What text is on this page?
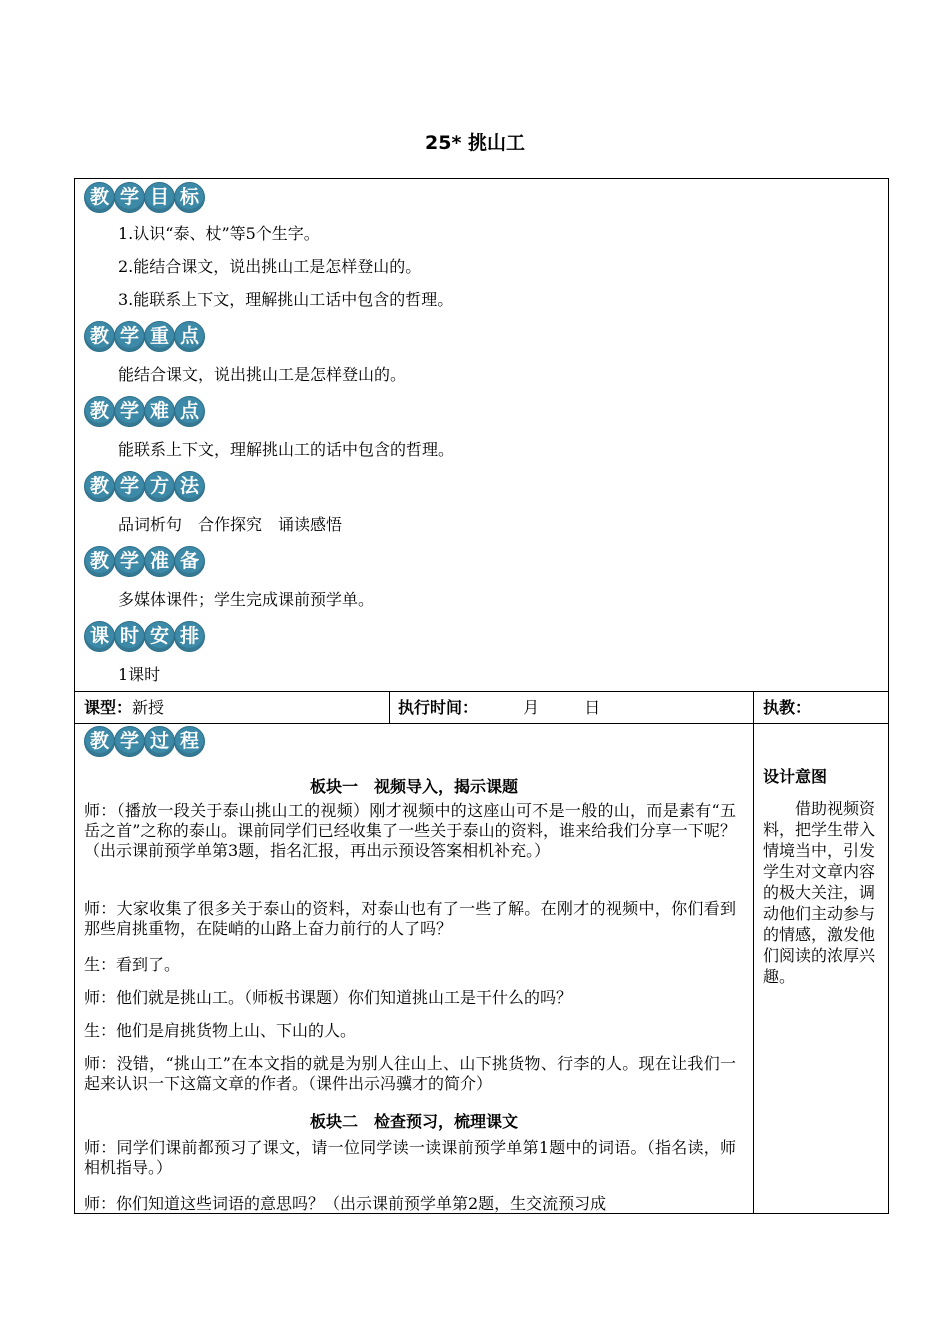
25* 挑山工
教 学 目 标
1.认识“泰、杖”等5个生字。
2.能结合课文，说出挑山工是怎样登山的。
3.能联系上下文，理解挑山工话中包含的哲理。
教 学 重 点
能结合课文，说出挑山工是怎样登山的。
教 学 难 点
能联系上下文，理解挑山工的话中包含的哲理。
教 学 方 法
品词析句　合作探究　诵读感悟
教 学 准 备
多媒体课件；学生完成课前预学单。
课 时 安 排
1课时
课型：新授	执行时间：	月	日	执教：
教 学 过 程
板块一　视频导入，揭示课题
师：（播放一段关于泰山挑山工的视频）刚才视频中的这座山可不是一般的山，而是素有“五岳之首”之称的泰山。课前同学们已经收集了一些关于泰山的资料，谁来给我们分享一下呢？（出示课前预学单第3题，指名汇报，再出示预设答案相机补充。）
师：大家收集了很多关于泰山的资料，对泰山也有了一些了解。在刚才的视频中，你们看到那些肩挑重物，在陡峭的山路上奋力前行的人了吗？
生：看到了。
师：他们就是挑山工。（师板书课题）你们知道挑山工是干什么的吗？
生：他们是肩挑货物上山、下山的人。
师：没错，“挑山工”在本文指的就是为别人往山上、山下挑货物、行李的人。现在让我们一起来认识一下这篇文章的作者。（课件出示冯骥才的简介）
板块二　检查预习，梳理课文
师：同学们课前都预习了课文，请一位同学读一读课前预学单第1题中的词语。（指名读，师相机指导。）
师：你们知道这些词语的意思吗？（出示课前预学单第2题，生交流预习成
设计意图
借助视频资料，把学生带入情境当中，引发学生对文章内容的极大关注，调动他们主动参与的情感，激发他们阅读的浓厚兴趣。
